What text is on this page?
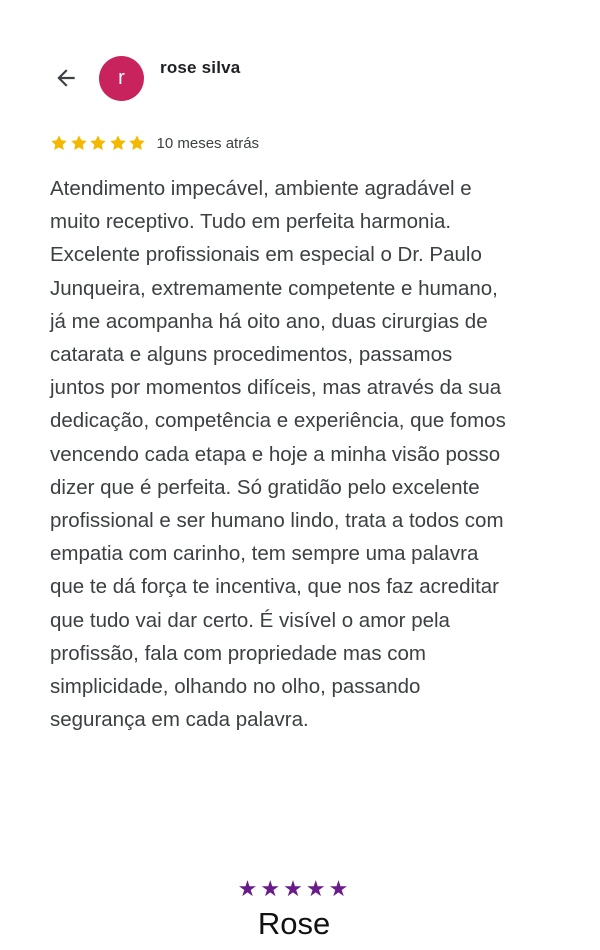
r rose silva
10 meses atrás

Atendimento impecável, ambiente agradável e
muito receptivo. Tudo em perfeita harmonia.
Excelente profissionais em especial o Dr. Paulo
Junqueira, extremamente competente e humano,
já me acompanha há oito ano, duas cirurgias de
catarata e alguns procedimentos, passamos
juntos por momentos difíceis, mas através da sua
dedicação, competência e experiência, que fomos
vencendo cada etapa e hoje a minha visão posso
dizer que é perfeita. Só gratidão pelo excelente
profissional e ser humano lindo, trata a todos com
empatia com carinho, tem sempre uma palavra
que te dá força te incentiva, que nos faz acreditar
que tudo vai dar certo. É visível o amor pela
profissão, fala com propriedade mas com
simplicidade, olhando no olho, passando
segurança em cada palavra.

★ ★ ★ ★ ★
Rose
